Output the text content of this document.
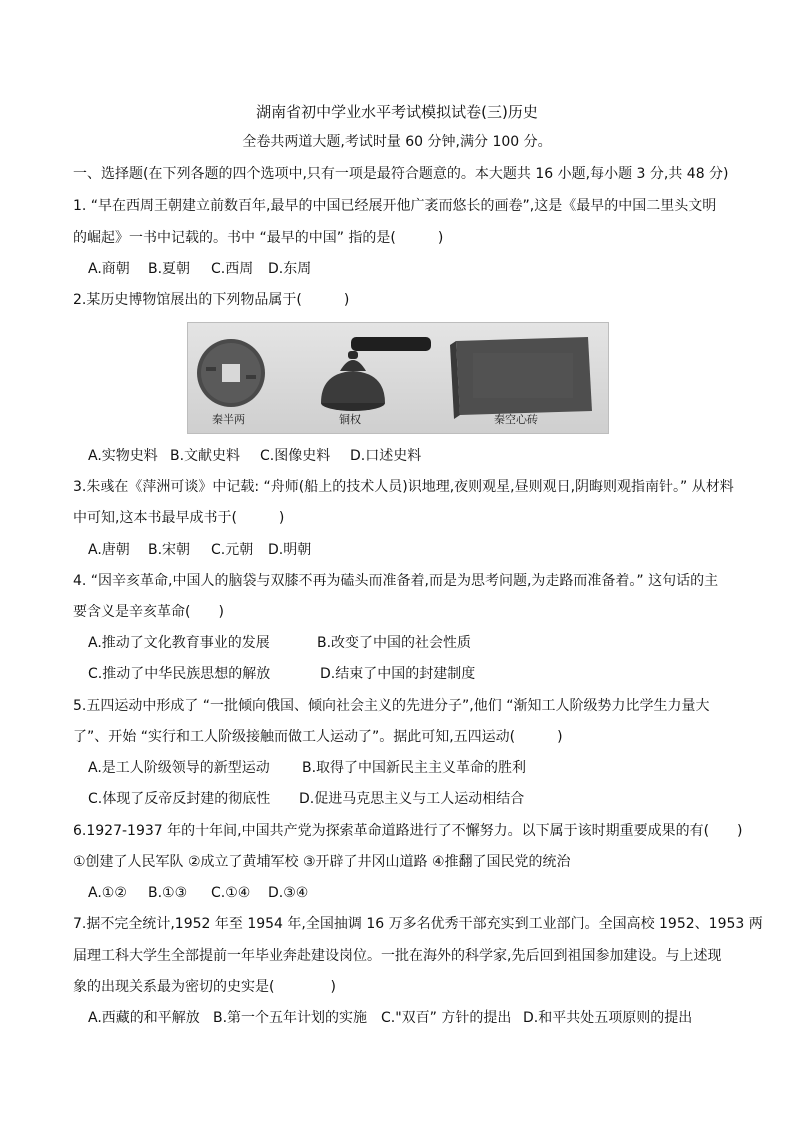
湖南省初中学业水平考试模拟试卷(三)历史
全卷共两道大题,考试时量 60 分钟,满分 100 分。
一、选择题(在下列各题的四个选项中,只有一项是最符合题意的。本大题共 16 小题,每小题 3 分,共 48 分)
1. “早在西周王朝建立前数百年,最早的中国已经展开他广袤而悠长的画卷”,这是《最早的中国二里头文明
的崛起》一书中记载的。书中 “最早的中国” 指的是(　　　)
A.商朝 B.夏朝 C.西周 D.东周
2.某历史博物馆展出的下列物品属于(　　　)
秦半两	铜权	秦空心砖
A.实物史料 B.文献史料 C.图像史料 D.口述史料
3.朱彧在《萍洲可谈》中记载: “舟师(船上的技术人员)识地理,夜则观星,昼则观日,阴晦则观指南针。” 从材料
中可知,这本书最早成书于(　　　)
A.唐朝 B.宋朝 C.元朝 D.明朝
4. “因辛亥革命,中国人的脑袋与双膝不再为磕头而准备着,而是为思考问题,为走路而准备着。” 这句话的主
要含义是辛亥革命(　　)
A.推动了文化教育事业的发展	B.改变了中国的社会性质
C.推动了中华民族思想的解放	D.结束了中国的封建制度
5.五四运动中形成了 “一批倾向俄国、倾向社会主义的先进分子”,他们 “渐知工人阶级势力比学生力量大
了”、开始 “实行和工人阶级接触而做工人运动了”。据此可知,五四运动(　　　)
A.是工人阶级领导的新型运动 B.取得了中国新民主主义革命的胜利
C.体现了反帝反封建的彻底性 D.促进马克思主义与工人运动相结合
6.1927-1937 年的十年间,中国共产党为探索革命道路进行了不懈努力。以下属于该时期重要成果的有(　　)
①创建了人民军队 ②成立了黄埔军校 ③开辟了井冈山道路 ④推翻了国民党的统治
A.①② B.①③ C.①④ D.③④
7.据不完全统计,1952 年至 1954 年,全国抽调 16 万多名优秀干部充实到工业部门。全国高校 1952、1953 两
届理工科大学生全部提前一年毕业奔赴建设岗位。一批在海外的科学家,先后回到祖国参加建设。与上述现
象的出现关系最为密切的史实是(　　　　)
A.西藏的和平解放 B.第一个五年计划的实施 C."双百” 方针的提出 D.和平共处五项原则的提出
